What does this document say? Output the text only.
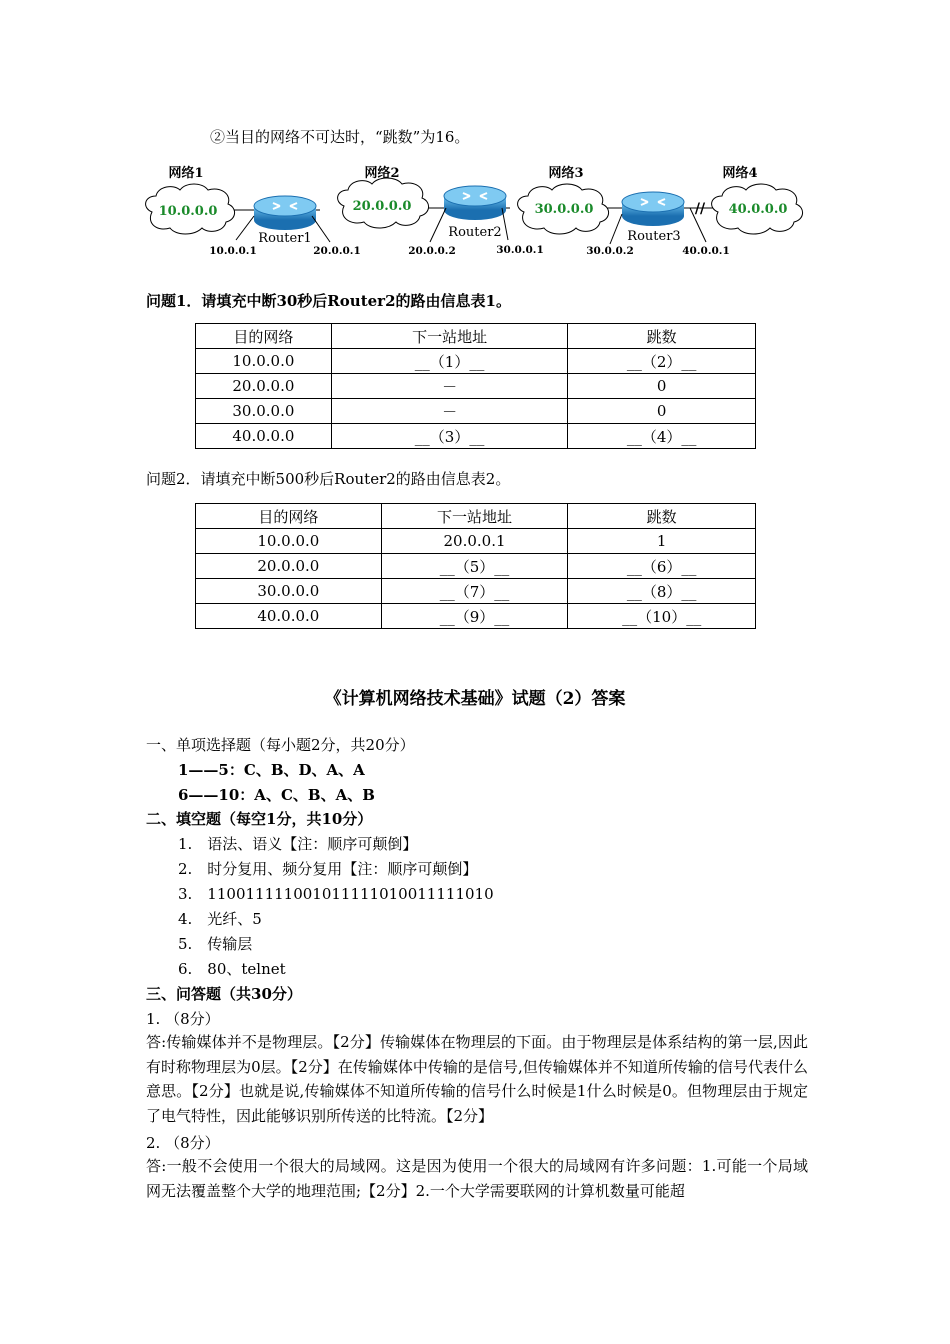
②当目的网络不可达时，“跳数”为16。
网络1	网络2	网络3	网络4
10.0.0.0	20.0.0.0	30.0.0.0	40.0.0.0
Router1	Router2	Router3
10.0.0.1	20.0.0.1	20.0.0.2	30.0.0.1	30.0.0.2	40.0.0.1
//
问题1．请填充中断30秒后Router2的路由信息表1。
目的网络	下一站地址	跳数
10.0.0.0	__（1）__	__（2）__
20.0.0.0	－	0
30.0.0.0	－	0
40.0.0.0	__（3）__	__（4）__
问题2．请填充中断500秒后Router2的路由信息表2。
目的网络	下一站地址	跳数
10.0.0.0	20.0.0.1	1
20.0.0.0	__（5）__	__（6）__
30.0.0.0	__（7）__	__（8）__
40.0.0.0	__（9）__	__（10）__
《计算机网络技术基础》试题（2）答案
一、单项选择题（每小题2分，共20分）
1——5：C、B、D、A、A
6——10：A、C、B、A、B
二、填空题（每空1分，共10分）
1.　语法、语义【注：顺序可颠倒】
2.　时分复用、频分复用【注：顺序可颠倒】
3.　110011111001011111010011111010
4.　光纤、5
5.　传输层
6.　80、telnet
三、问答题（共30分）
1. （8分）
答:传输媒体并不是物理层。【2分】传输媒体在物理层的下面。由于物理层是体系结构的第一层,因此有时称物理层为0层。【2分】在传输媒体中传输的是信号,但传输媒体并不知道所传输的信号代表什么意思。【2分】也就是说,传输媒体不知道所传输的信号什么时候是1什么时候是0。但物理层由于规定了电气特性，因此能够识别所传送的比特流。【2分】
2. （8分）
答:一般不会使用一个很大的局域网。这是因为使用一个很大的局域网有许多问题：1.可能一个局域网无法覆盖整个大学的地理范围;【2分】2.一个大学需要联网的计算机数量可能超
